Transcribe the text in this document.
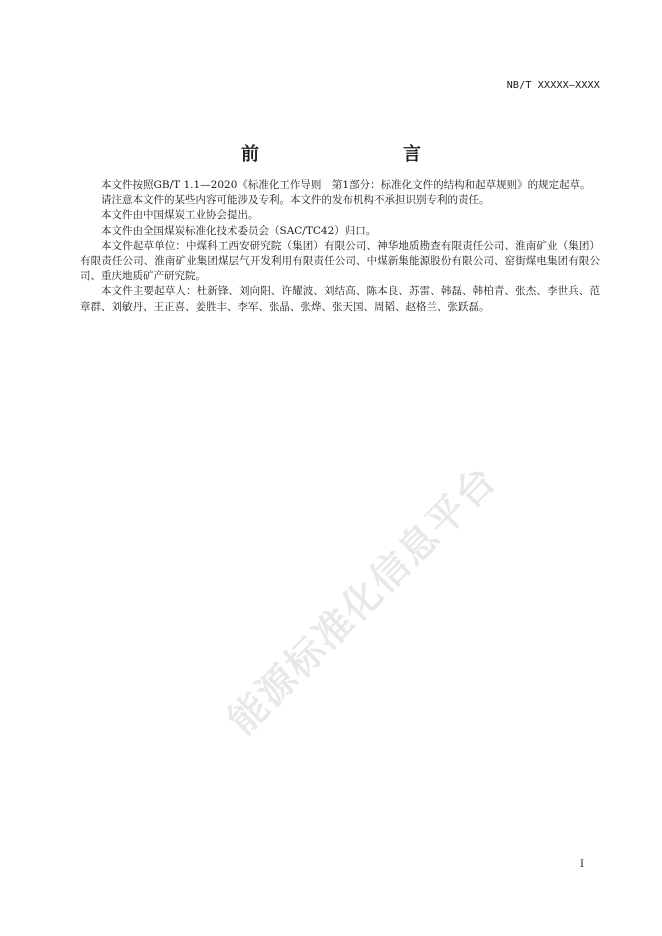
NB/T XXXXX—XXXX
前　　言

本文件按照GB/T 1.1—2020《标准化工作导则　第1部分：标准化文件的结构和起草规则》的规定起草。

请注意本文件的某些内容可能涉及专利。本文件的发布机构不承担识别专利的责任。

本文件由中国煤炭工业协会提出。

本文件由全国煤炭标准化技术委员会（SAC/TC42）归口。

本文件起草单位：中煤科工西安研究院（集团）有限公司、神华地质勘查有限责任公司、淮南矿业（集团）有限责任公司、淮南矿业集团煤层气开发利用有限责任公司、中煤新集能源股份有限公司、窑街煤电集团有限公司、重庆地质矿产研究院。

本文件主要起草人：杜新锋、刘向阳、许耀波、刘结高、陈本良、苏雷、韩磊、韩柏青、张杰、李世兵、范章群、刘敏丹、王正喜、姜胜丰、李军、张晶、张烨、张天国、周韬、赵格兰、张跃磊。

能源标准化信息平台
I
